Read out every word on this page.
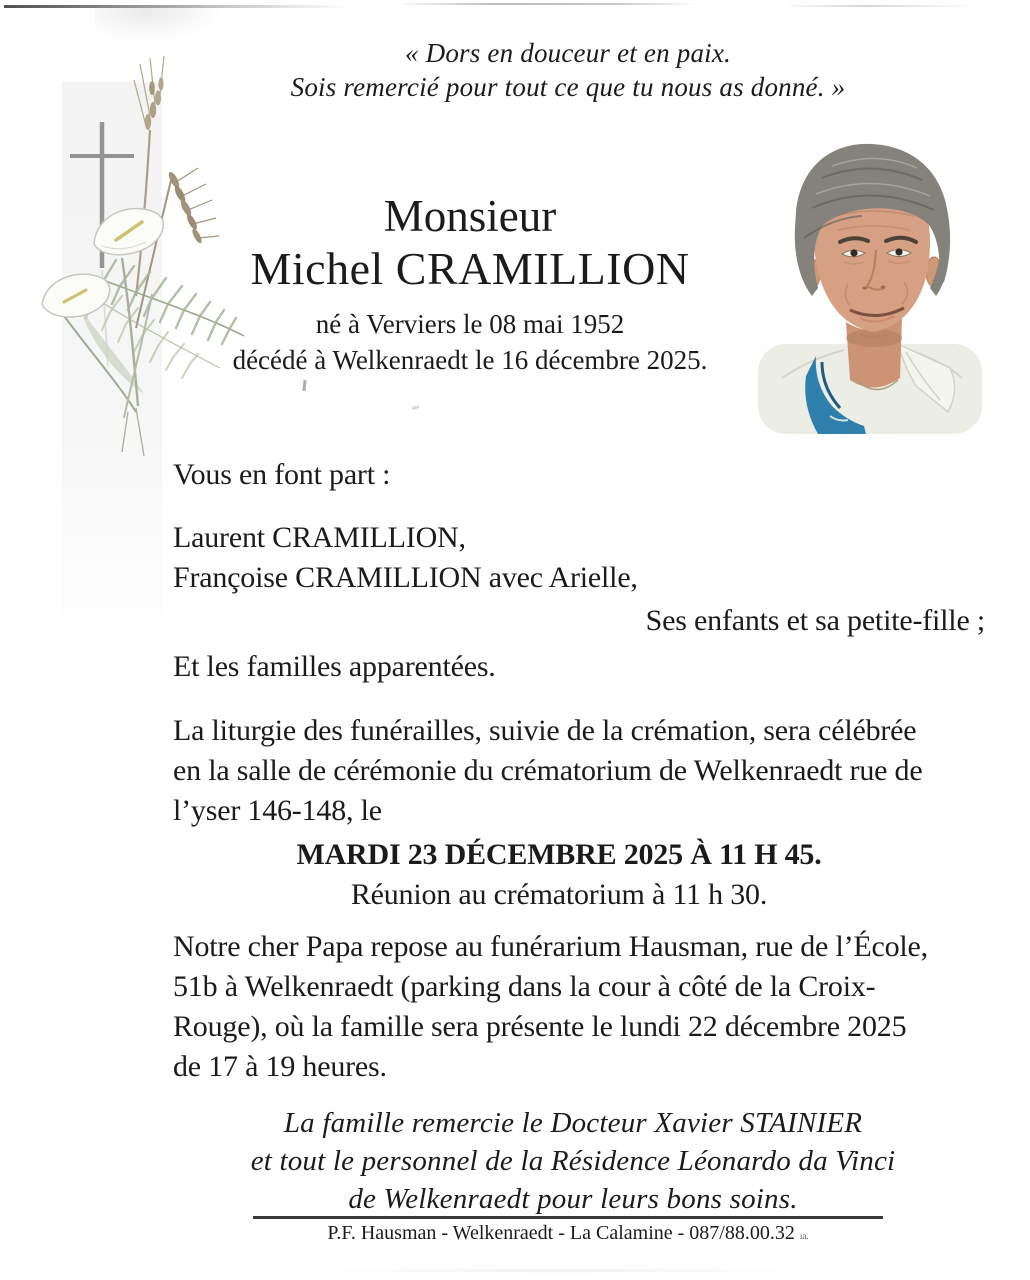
« Dors en douceur et en paix.
Sois remercié pour tout ce que tu nous as donné. »
Monsieur
Michel CRAMILLION
né à Verviers le 08 mai 1952
décédé à Welkenraedt le 16 décembre 2025.
Vous en font part :
Laurent CRAMILLION,
Françoise CRAMILLION avec Arielle,
Ses enfants et sa petite-fille ;
Et les familles apparentées.
La liturgie des funérailles, suivie de la crémation, sera célébrée
en la salle de cérémonie du crématorium de Welkenraedt rue de
l’yser 146-148, le
MARDI 23 DÉCEMBRE 2025 À 11 H 45.
Réunion au crématorium à 11 h 30.
Notre cher Papa repose au funérarium Hausman, rue de l’École,
51b à Welkenraedt (parking dans la cour à côté de la Croix-
Rouge), où la famille sera présente le lundi 22 décembre 2025
de 17 à 19 heures.
La famille remercie le Docteur Xavier STAINIER
et tout le personnel de la Résidence Léonardo da Vinci
de Welkenraedt pour leurs bons soins.
P.F. Hausman - Welkenraedt - La Calamine - 087/88.00.32 ıa.
